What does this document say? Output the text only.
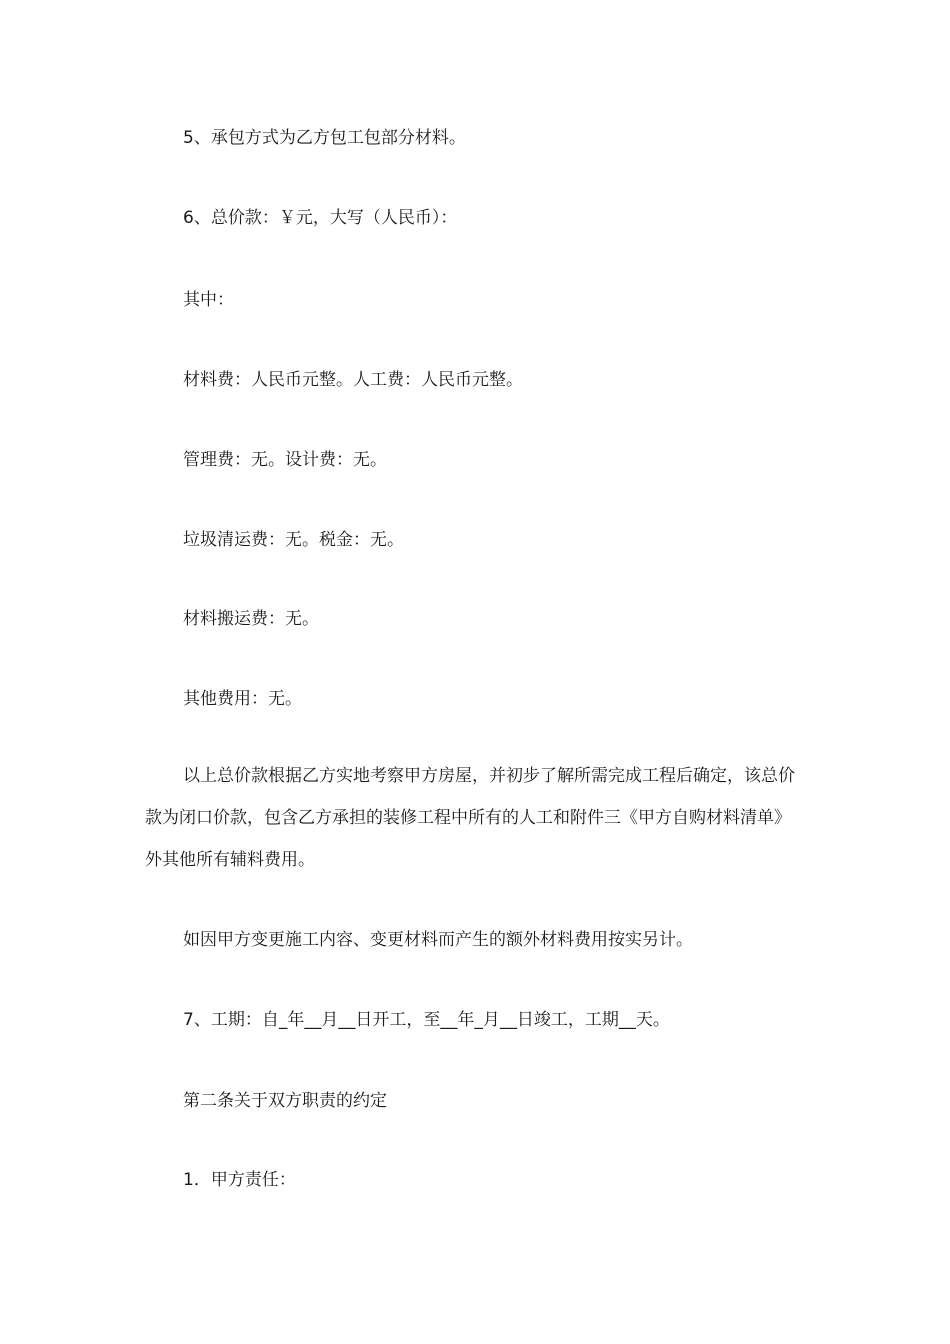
5、承包方式为乙方包工包部分材料。
6、总价款：￥元，大写（人民币）：
其中：
材料费：人民币元整。人工费：人民币元整。
管理费：无。设计费：无。
垃圾清运费：无。税金：无。
材料搬运费：无。
其他费用：无。
以上总价款根据乙方实地考察甲方房屋，并初步了解所需完成工程后确定，该总价款为闭口价款，包含乙方承担的装修工程中所有的人工和附件三《甲方自购材料清单》外其他所有辅料费用。
如因甲方变更施工内容、变更材料而产生的额外材料费用按实另计。
7、工期：自_年__月__日开工，至__年_月__日竣工，工期__天。
第二条关于双方职责的约定
1．甲方责任：
